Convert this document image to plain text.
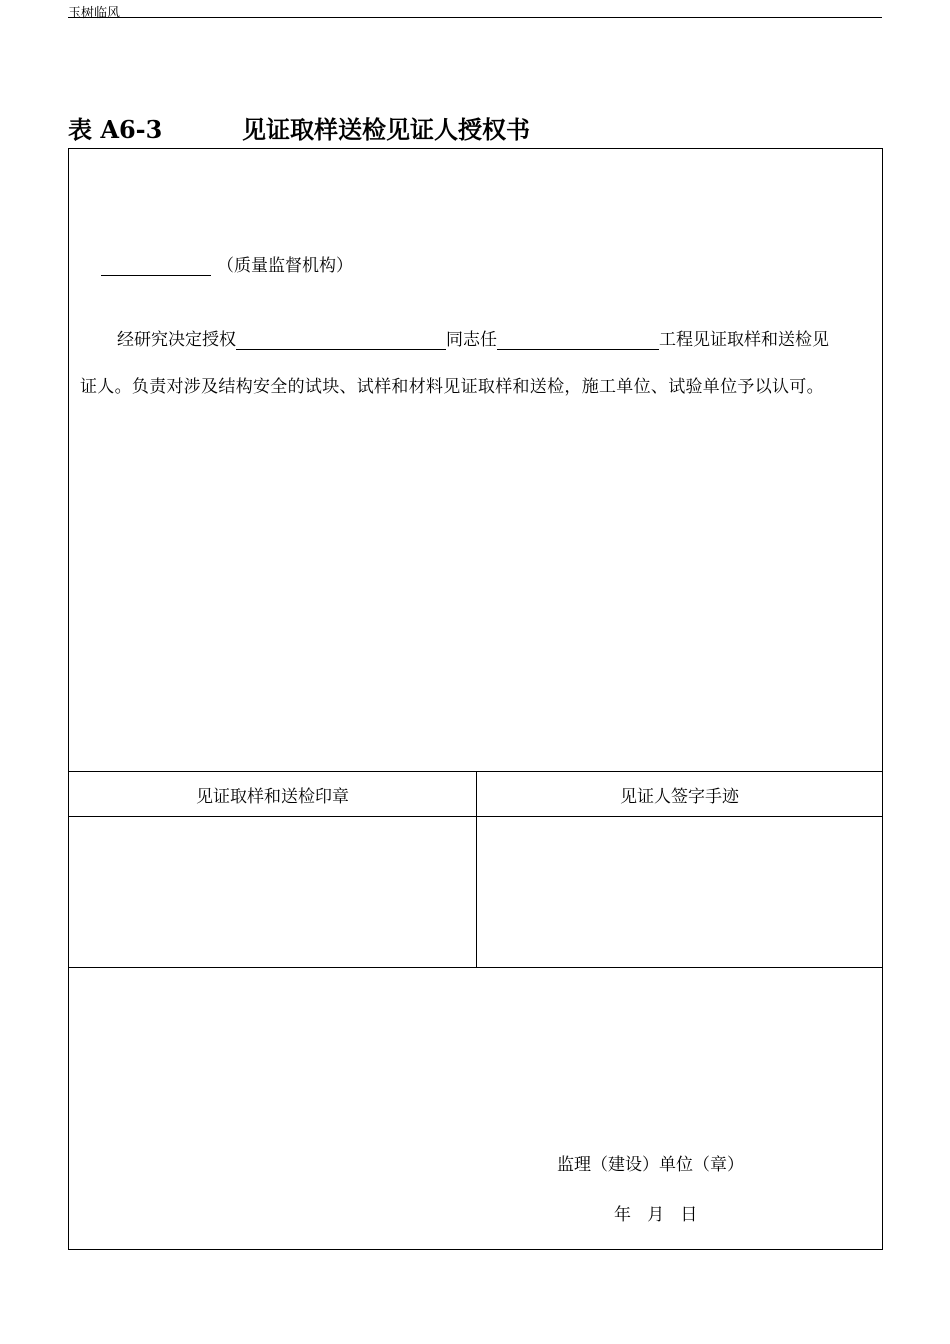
玉树临风
表 A6-3	见证取样送检见证人授权书
（质量监督机构）
经研究决定授权	同志任	工程见证取样和送检见
证人。负责对涉及结构安全的试块、试样和材料见证取样和送检，施工单位、试验单位予以认可。
见证取样和送检印章	见证人签字手迹
监理（建设）单位（章）
年   月   日
